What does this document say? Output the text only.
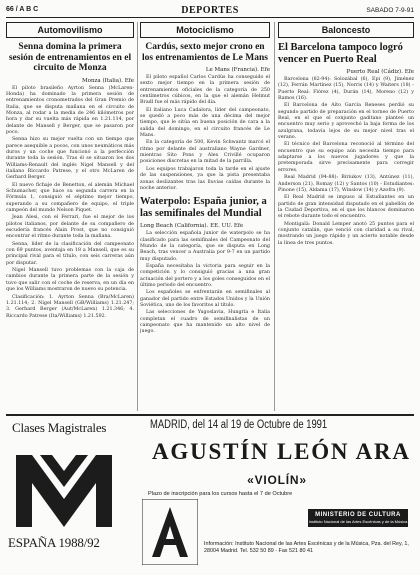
66 / A B C	DEPORTES	SABADO 7-9-91
Automovilismo
Senna domina la primera sesión de entrenamientos en el circuito de Monza
Monza (Italia). Efe

El piloto brasileño Ayrton Senna (McLaren-Honda) ha dominado la primera sesión de entrenamientos cronometrados del Gran Premio de Italia, que se disputa mañana en el circuito de Monza, al rodar a la media de 246 kilómetros por hora y dar su vuelta más rápida en 1.21.114, por delante de Mansell y Berger, que se pasaron por poco.

Senna hizo su mejor vuelta con un tiempo que parece asequible a pocos, con unos neumáticos más duros y un coche que funcionó a la perfección durante toda la sesión. Tras él se situaron los dos Williams-Renault del inglés Nigel Mansell y del italiano Riccardo Patrese, y el otro McLaren de Gerhard Berger.

El nuevo fichaje de Benetton, el alemán Michael Schumacher, que hace su segunda carrera en la Fórmula 1, consiguió el séptimo mejor tiempo, superando a su compañero de equipo, el triple campeón del mundo Nelson Piquet.

Jean Alesi, con el Ferrari, fue el mejor de los pilotos italianos, por delante de su compañero de escudería francés Alain Prost, que no consiguió encontrar el ritmo durante toda la mañana.

Senna, líder de la clasificación del campeonato con 69 puntos, aventaja en 18 a Mansell, que es su principal rival para el título, con seis carreras aún por disputar.

Nigel Mansell tuvo problemas con la caja de cambios durante la primera parte de la sesión y tuvo que salir con el coche de reserva, en un día en que los Williams mostraron de nuevo su potencia.

Clasificación: 1. Ayrton Senna (Bra/McLaren) 1.21.114; 2. Nigel Mansell (GB/Williams) 1.21.247; 3. Gerhard Berger (Aut/McLaren) 1.21.346; 4. Riccardo Patrese (Ita/Williams) 1.21.592.

Motociclismo
Cardús, sexto mejor crono en los entrenamientos de Le Mans
Le Mans (Francia). Efe

El piloto español Carlos Cardús ha conseguido el sexto mejor tiempo en la primera sesión de entrenamientos oficiales de la categoría de 250 centímetros cúbicos, en la que el alemán Helmut Bradl fue el más rápido del día.

El italiano Luca Cadalora, líder del campeonato, se quedó a poco más de una décima del mejor tiempo, que le sitúa en buena posición de cara a la salida del domingo, en el circuito francés de Le Mans.

En la categoría de 500, Kevin Schwantz marcó el ritmo por delante del australiano Wayne Gardner, mientras Sito Pons y Alex Crivillé ocuparon posiciones discretas en la mitad de la parrilla.

Los equipos trabajaron toda la tarde en el ajuste de las suspensiones, ya que la pista presentaba zonas deslizantes tras las lluvias caídas durante la noche anterior.

Waterpolo: España junior, a las semifinales del Mundial
Long Beach (California). EE. UU. Efe

La selección española junior de waterpolo se ha clasificado para las semifinales del Campeonato del Mundo de la categoría, que se disputa en Long Beach, tras vencer a Australia por 9-7 en un partido muy disputado.

España necesitaba la victoria para seguir en la competición y lo consiguió gracias a una gran actuación del portero y a los goles conseguidos en el último periodo del encuentro.

Los españoles se enfrentarán en semifinales al ganador del partido entre Estados Unidos y la Unión Soviética, uno de los favoritos al título.

Las selecciones de Yugoslavia, Hungría e Italia completan el cuadro de semifinalistas de un campeonato que ha mantenido un alto nivel de juego.

Baloncesto
El Barcelona tampoco logró vencer en Puerto Real
Puerto Real (Cádiz). Efe

Barcelona (82-94): Solozábal (6), Epi (9), Jiménez (12), Ferrán Martínez (15), Norris (14) y Waiters (18) - Puerto Real: Flórez (4), Durán (14), Moreno (12) y Ramos (16).

El Barcelona de Aíto García Reneses perdió su segundo partido de preparación en el torneo de Puerto Real, en el que el conjunto gaditano planteó un encuentro muy serio y aprovechó la baja forma de los azulgrana, todavía lejos de su mejor nivel tras el verano.

El técnico del Barcelona reconoció al término del encuentro que su equipo aún necesita tiempo para adaptarse a los nuevos jugadores y que la pretemporada sirve precisamente para corregir errores.

Real Madrid (94-88): Biriukov (13), Antúnez (11), Anderson (21), Romay (12) y Santos (10) - Estudiantes: Pinone (15), Aldama (17), Winslow (14) y Azofra (9).

El Real Madrid se impuso al Estudiantes en un partido de gran intensidad disputado en el pabellón de la Ciudad Deportiva, en el que los blancos dominaron el rebote durante todo el encuentro.

Montigalà: Donald Lemper anotó 25 puntos para el conjunto catalán, que venció con claridad a su rival, mostrando un juego rápido y un acierto notable desde la línea de tres puntos.

Clases Magistrales
ESPAÑA 1988/92
MADRID, del 14 al 19 de Octubre de 1991
AGUSTÍN LEÓN ARA
«VIOLÍN»
Plazo de inscripción para los cursos hasta el 7 de Octubre
MINISTERIO DE CULTURA
Instituto Nacional de las Artes Escénicas y de la Música
Información: Instituto Nacional de las Artes Escénicas y de la Música, Pza. del Rey, 1, 28004 Madrid. Tel. 532 50 89 · Fax 521 80 41
